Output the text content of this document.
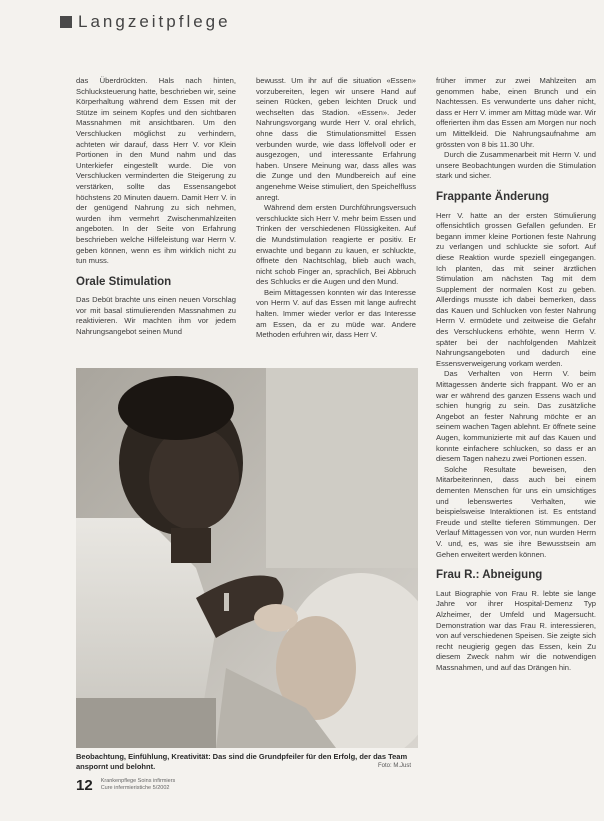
Langzeitpflege

das Überdrückten. Hals nach hinten, Schlucksteuerung hatte, beschrieben wir, seine Körperhaltung während dem Essen mit der Stütze im seinem Kopfes und den sichtbaren Massnahmen mit ansichtbaren. Um den Verschlucken möglichst zu verhindern, achteten wir darauf, dass Herr V. vor Klein Portionen in den Mund nahm und das Unterkiefer eingestellt wurde. Die von Verschlucken verminderten die Steigerung zu verstärken, sollte das Essensangebot höchstens 20 Minuten dauern. Damit Herr V. in der genügend Nahrung zu sich nehmen, wurden ihm vermehrt Zwischenmahlzeiten angeboten. In der Seite von Erfahrung beschrieben welche Hilfeleistung war Herrn V. geben können, wenn es ihm wirklich nicht zu tun muss.

Orale Stimulation

Das Debüt brachte uns einen neuen Vorschlag vor mit basal stimulierenden Massnahmen zu reaktivieren. Wir machten ihm vor jedem Nahrungsangebot seinen Mund

bewusst. Um ihr auf die situation «Essen» vorzubereiten, legen wir unsere Hand auf seinen Rücken, geben leichten Druck und wechselten das Stadion. «Essen». Jeder Nahrungsvorgang wurde Herr V. oral ehrlich, ohne dass die Stimulationsmittel Essen verbunden wurde, wie dass löffelvoll oder er ausgezogen, und interessante Erfahrung haben. Unsere Meinung war, dass alles was die Zunge und den Mundbereich auf eine angenehme Weise stimuliert, den Speichelfluss anregt.

Während dem ersten Durchführungsversuch verschluckte sich Herr V. mehr beim Essen und Trinken der verschiedenen Flüssigkeiten. Auf die Mundstimulation reagierte er positiv. Er erwachte und begann zu kauen, er schluckte, öffnete den Nachtschlag, blieb auch wach, nicht schob Finger an, sprachlich, Bei Abbruch des Schlucks er die Augen und den Mund.

Beim Mittagessen konnten wir das Interesse von Herrn V. auf das Essen mit lange aufrecht halten. Immer wieder verlor er das Interesse am Essen, da er zu müde war. Andere Methoden erfuhren wir, dass Herr V.

früher immer zur zwei Mahlzeiten am genommen habe, einen Brunch und ein Nachtessen. Es verwunderte uns daher nicht, dass er Herr V. immer am Mittag müde war. Wir offerierten ihm das Essen am Morgen nur noch um Mittelkleid. Die Nahrungsaufnahme am grössten von 8 bis 11.30 Uhr.

Durch die Zusammenarbeit mit Herrn V. und unsere Beobachtungen wurden die Stimulation stark und sicher.

Frappante Änderung

Herr V. hatte an der ersten Stimulierung offensichtlich grossen Gefallen gefunden. Er begann immer kleine Portionen feste Nahrung zu verlangen und schluckte sie sofort. Auf diese Reaktion wurde speziell eingegangen. Ich planten, das mit seiner ärztlichen Stimulation am nächsten Tag mit dem Supplement der normalen Kost zu geben. Allerdings musste ich dabei bemerken, dass das Kauen und Schlucken von fester Nahrung Herrn V. ermüdete und zeitweise die Gefahr des Verschluckens erhöhte, wenn Herrn V. später bei der nachfolgenden Mahlzeit Nahrungsangeboten und dadurch eine Essensverweigerung vorkam werden.

Das Verhalten von Herrn V. beim Mittagessen änderte sich frappant. Wo er an war er während des ganzen Essens wach und schien hungrig zu sein. Das zusätzliche Angebot an fester Nahrung möchte er an seinem wachen Tagen ablehnt. Er öffnete seine Augen, kommunizierte mit auf das Kauen und konnte einfachere schlucken, so dass er an diesem Tagen nahezu zwei Portionen essen.

Solche Resultate beweisen, den Mitarbeiterinnen, dass auch bei einem dementen Menschen für uns ein umsichtiges und lebenswertes Verhalten, wie beispielsweise Interaktionen ist. Es entstand Freude und stellte tieferen Stimmungen. Der Verlauf Mittagessen von vor, nun wurden Herrn V. und, es, was sie ihre Bewusstsein am Gehen erweitert werden können.

Frau R.: Abneigung

Laut Biographie von Frau R. lebte sie lange Jahre vor ihrer Hospital-Demenz Typ Alzheimer, der Umfeld und Magersucht. Demonstration war das Frau R. interessieren, von auf verschiedenen Speisen. Sie zeigte sich recht neugierig gegen das Essen, kein Zu diesem Zweck nahm wir die notwendigen Massnahmen, und auf das Drängen hin.

Beobachtung, Einfühlung, Kreativität: Das sind die Grundpfeiler für den Erfolg, der das Team anspornt und belohnt.	Foto: M.Just
12 Krankenpflege Soins infirmiers
Cure infermieristiche 5/2002
